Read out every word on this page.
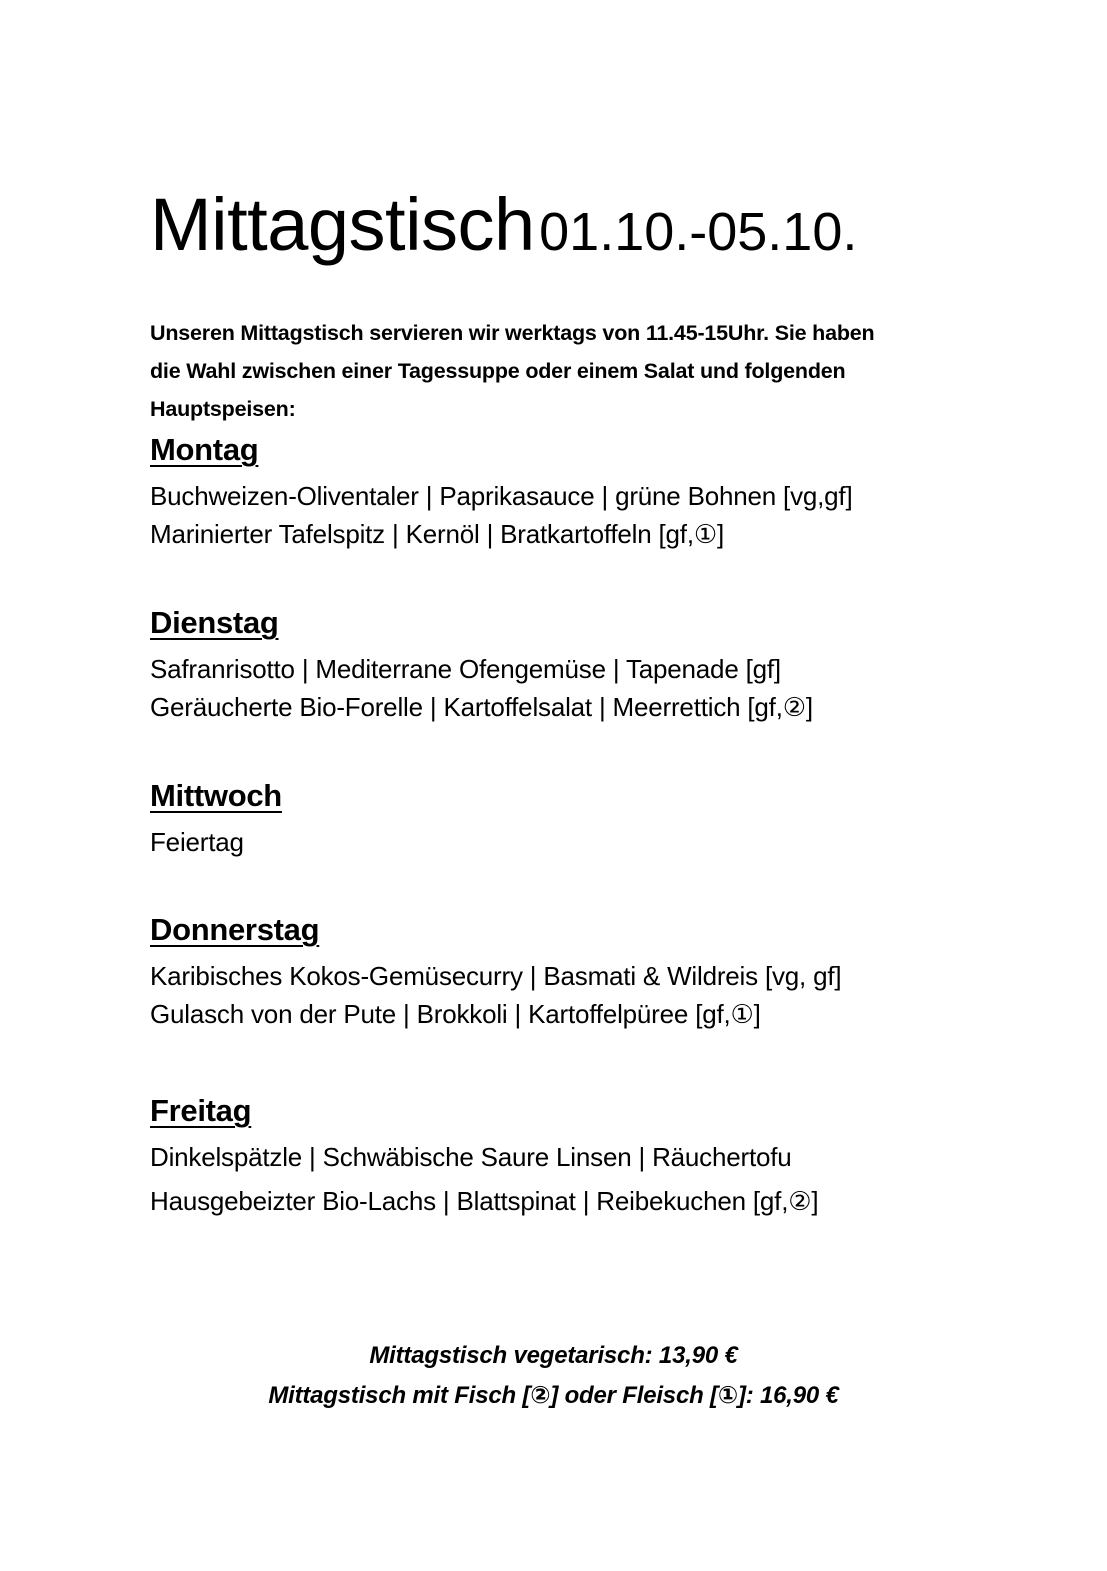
Mittagstisch 01.10.-05.10.
Unseren Mittagstisch servieren wir werktags von 11.45-15Uhr. Sie haben
die Wahl zwischen einer Tagessuppe oder einem Salat und folgenden
Hauptspeisen:
Montag
Buchweizen-Oliventaler | Paprikasauce | grüne Bohnen [vg,gf]
Marinierter Tafelspitz | Kernöl | Bratkartoffeln [gf,①]
Dienstag
Safranrisotto | Mediterrane Ofengemüse | Tapenade [gf]
Geräucherte Bio-Forelle | Kartoffelsalat | Meerrettich [gf,②]
Mittwoch
Feiertag
Donnerstag
Karibisches Kokos-Gemüsecurry | Basmati & Wildreis [vg, gf]
Gulasch von der Pute | Brokkoli | Kartoffelpüree [gf,①]
Freitag
Dinkelspätzle | Schwäbische Saure Linsen | Räuchertofu
Hausgebeizter Bio-Lachs | Blattspinat | Reibekuchen [gf,②]
Mittagstisch vegetarisch: 13,90 €
Mittagstisch mit Fisch [②] oder Fleisch [①]: 16,90 €
